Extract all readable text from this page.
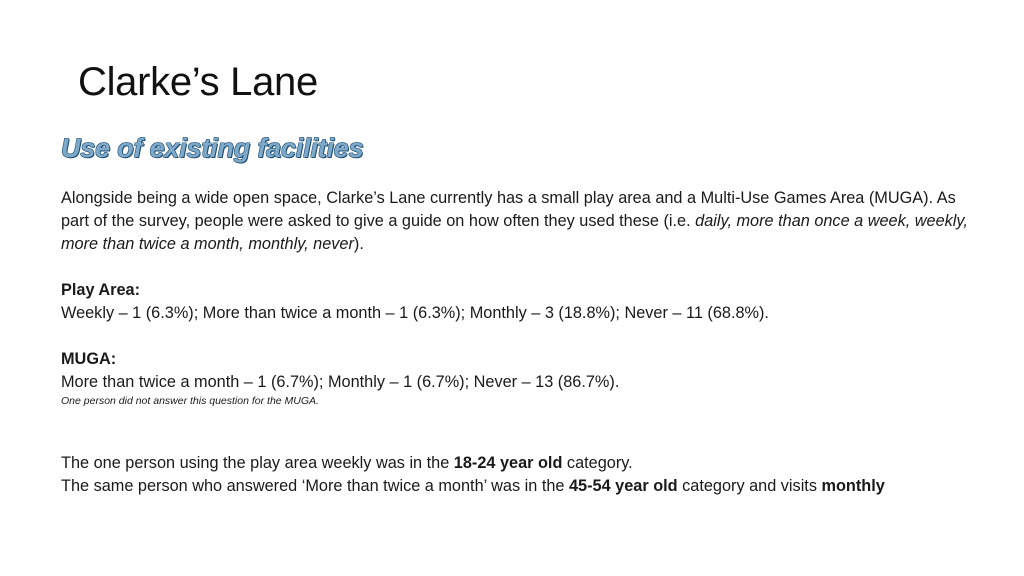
Clarke’s Lane
Use of existing facilities

Alongside being a wide open space, Clarke’s Lane currently has a small play area and a Multi-Use Games Area (MUGA). As part of the survey, people were asked to give a guide on how often they used these (i.e. daily, more than once a week, weekly, more than twice a month, monthly, never).

Play Area:

Weekly – 1 (6.3%); More than twice a month – 1 (6.3%); Monthly – 3 (18.8%); Never – 11 (68.8%).

MUGA:

More than twice a month – 1 (6.7%); Monthly – 1 (6.7%); Never – 13 (86.7%).

One person did not answer this question for the MUGA.

The one person using the play area weekly was in the 18-24 year old category.

The same person who answered ‘More than twice a month’ was in the 45-54 year old category and visits monthly
